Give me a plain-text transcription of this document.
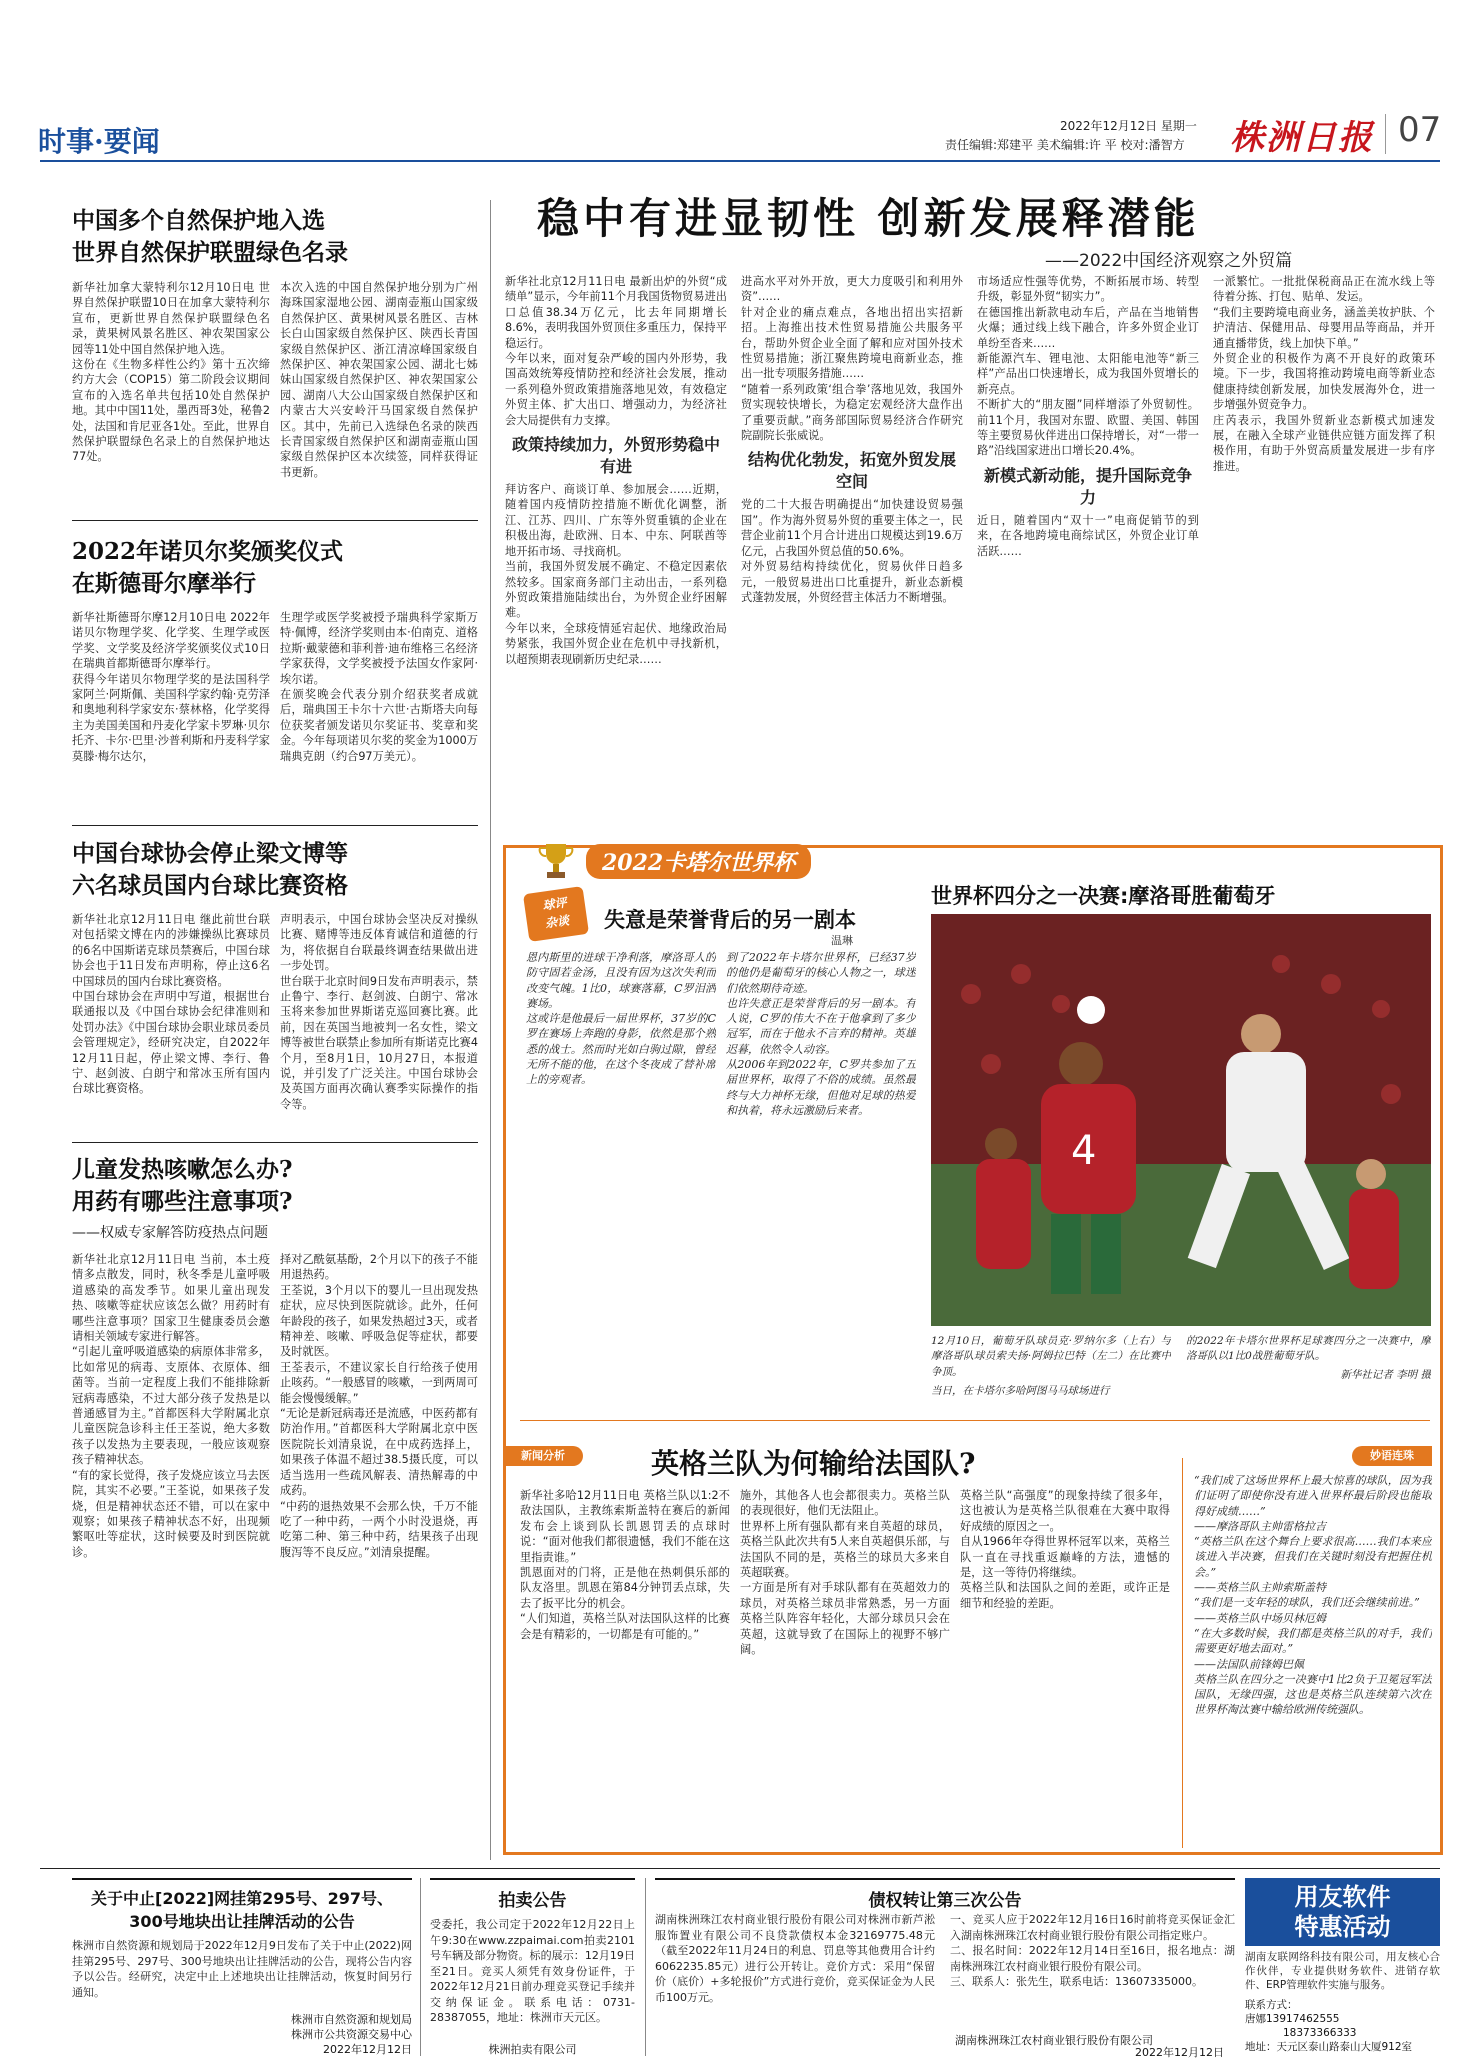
时事·要闻	2022年12月12日 星期一
责任编辑:郑建平 美术编辑:许 平 校对:潘智方 株洲日报 07
中国多个自然保护地入选
世界自然保护联盟绿色名录
新华社加拿大蒙特利尔12月10日电 世界自然保护联盟10日在加拿大蒙特利尔宣布，更新世界自然保护联盟绿色名录，黄果树风景名胜区、神农架国家公园等11处中国自然保护地入选。
这份在《生物多样性公约》第十五次缔约方大会（COP15）第二阶段会议期间宣布的入选名单共包括10处自然保护地。其中中国11处，墨西哥3处，秘鲁2处，法国和肯尼亚各1处。至此，世界自然保护联盟绿色名录上的自然保护地达77处。
本次入选的中国自然保护地分别为广州海珠国家湿地公园、湖南壶瓶山国家级自然保护区、黄果树风景名胜区、吉林长白山国家级自然保护区、陕西长青国家级自然保护区、浙江清凉峰国家级自然保护区、神农架国家公园、湖北七姊妹山国家级自然保护区、神农架国家公园、湖南八大公山国家级自然保护区和内蒙古大兴安岭汗马国家级自然保护区。其中，先前已入选绿色名录的陕西长青国家级自然保护区和湖南壶瓶山国家级自然保护区本次续签，同样获得证书更新。
2022年诺贝尔奖颁奖仪式
在斯德哥尔摩举行
新华社斯德哥尔摩12月10日电 2022年诺贝尔物理学奖、化学奖、生理学或医学奖、文学奖及经济学奖颁奖仪式10日在瑞典首都斯德哥尔摩举行。
获得今年诺贝尔物理学奖的是法国科学家阿兰·阿斯佩、美国科学家约翰·克劳泽和奥地利科学家安东·蔡林格，化学奖得主为美国美国和丹麦化学家卡罗琳·贝尔托齐、卡尔·巴里·沙普利斯和丹麦科学家莫滕·梅尔达尔，
生理学或医学奖被授予瑞典科学家斯万特·佩博，经济学奖则由本·伯南克、道格拉斯·戴蒙德和菲利普·迪布维格三名经济学家获得，文学奖被授予法国女作家阿·埃尔诺。
在颁奖晚会代表分别介绍获奖者成就后，瑞典国王卡尔十六世·古斯塔夫向每位获奖者颁发诺贝尔奖证书、奖章和奖金。今年每项诺贝尔奖的奖金为1000万瑞典克朗（约合97万美元）。
中国台球协会停止梁文博等
六名球员国内台球比赛资格
新华社北京12月11日电 继此前世台联对包括梁文博在内的涉嫌操纵比赛球员的6名中国斯诺克球员禁赛后，中国台球协会也于11日发布声明称，停止这6名中国球员的国内台球比赛资格。
中国台球协会在声明中写道，根据世台联通报以及《中国台球协会纪律准则和处罚办法》《中国台球协会职业球员委员会管理规定》，经研究决定，自2022年12月11日起，停止梁文博、李行、鲁宁、赵剑波、白朗宁和常冰玉所有国内台球比赛资格。
声明表示，中国台球协会坚决反对操纵比赛、赌博等违反体育诚信和道德的行为，将依据自台联最终调查结果做出进一步处罚。
世台联于北京时间9日发布声明表示，禁止鲁宁、李行、赵剑波、白朗宁、常冰玉将来参加世界斯诺克巡回赛比赛。此前，因在英国当地被判一名女性，梁文博等被世台联禁止参加所有斯诺克比赛4个月，至8月1日，10月27日，本报道说，并引发了广泛关注。中国台球协会及英国方面再次确认赛季实际操作的指令等。
儿童发热咳嗽怎么办?
用药有哪些注意事项?
——权威专家解答防疫热点问题
新华社北京12月11日电 当前，本土疫情多点散发，同时，秋冬季是儿童呼吸道感染的高发季节。如果儿童出现发热、咳嗽等症状应该怎么做？用药时有哪些注意事项？国家卫生健康委员会邀请相关领域专家进行解答。
“引起儿童呼吸道感染的病原体非常多，比如常见的病毒、支原体、衣原体、细菌等。当前一定程度上我们不能排除新冠病毒感染，不过大部分孩子发热是以普通感冒为主。”首都医科大学附属北京儿童医院急诊科主任王荃说，绝大多数孩子以发热为主要表现，一般应该观察孩子精神状态。
“有的家长觉得，孩子发烧应该立马去医院，其实不必要。”王荃说，如果孩子发烧，但是精神状态还不错，可以在家中观察；如果孩子精神状态不好，出现频繁呕吐等症状，这时候要及时到医院就诊。
择对乙酰氨基酚，2个月以下的孩子不能用退热药。
王荃说，3个月以下的婴儿一旦出现发热症状，应尽快到医院就诊。此外，任何年龄段的孩子，如果发热超过3天，或者精神差、咳嗽、呼吸急促等症状，都要及时就医。
王荃表示，不建议家长自行给孩子使用止咳药。“一般感冒的咳嗽，一到两周可能会慢慢缓解。”
“无论是新冠病毒还是流感，中医药都有防治作用。”首都医科大学附属北京中医医院院长刘清泉说，在中成药选择上，如果孩子体温不超过38.5摄氏度，可以适当选用一些疏风解表、清热解毒的中成药。
“中药的退热效果不会那么快，千万不能吃了一种中药，一两个小时没退烧，再吃第二种、第三种中药，结果孩子出现腹泻等不良反应。”刘清泉提醒。
稳中有进显韧性 创新发展释潜能
——2022中国经济观察之外贸篇
新华社北京12月11日电 最新出炉的外贸“成绩单”显示，今年前11个月我国货物贸易进出口总值38.34万亿元，比去年同期增长8.6%，表明我国外贸顶住多重压力，保持平稳运行。
今年以来，面对复杂严峻的国内外形势，我国高效统筹疫情防控和经济社会发展，推动一系列稳外贸政策措施落地见效，有效稳定外贸主体、扩大出口、增强动力，为经济社会大局提供有力支撑。
政策持续加力，外贸形势稳中有进
拜访客户、商谈订单、参加展会……近期，随着国内疫情防控措施不断优化调整，浙江、江苏、四川、广东等外贸重镇的企业在积极出海，赴欧洲、日本、中东、阿联酋等地开拓市场、寻找商机。
当前，我国外贸发展不确定、不稳定因素依然较多。国家商务部门主动出击，一系列稳外贸政策措施陆续出台，为外贸企业纾困解难。
今年以来，全球疫情延宕起伏、地缘政治局势紧张，我国外贸企业在危机中寻找新机，以超预期表现刷新历史纪录……
进高水平对外开放，更大力度吸引和利用外资”……
针对企业的痛点难点，各地出招出实招新招。上海推出技术性贸易措施公共服务平台，帮助外贸企业全面了解和应对国外技术性贸易措施；浙江聚焦跨境电商新业态，推出一批专项服务措施……
“随着一系列政策‘组合拳’落地见效，我国外贸实现较快增长，为稳定宏观经济大盘作出了重要贡献。”商务部国际贸易经济合作研究院副院长张威说。
结构优化勃发，拓宽外贸发展空间
党的二十大报告明确提出“加快建设贸易强国”。作为海外贸易外贸的重要主体之一，民营企业前11个月合计进出口规模达到19.6万亿元，占我国外贸总值的50.6%。
对外贸易结构持续优化，贸易伙伴日趋多元，一般贸易进出口比重提升，新业态新模式蓬勃发展，外贸经营主体活力不断增强。
市场适应性强等优势，不断拓展市场、转型升级，彰显外贸“韧实力”。
在德国推出新款电动车后，产品在当地销售火爆；通过线上线下融合，许多外贸企业订单纷至沓来……
新能源汽车、锂电池、太阳能电池等“新三样”产品出口快速增长，成为我国外贸增长的新亮点。
不断扩大的“朋友圈”同样增添了外贸韧性。前11个月，我国对东盟、欧盟、美国、韩国等主要贸易伙伴进出口保持增长，对“一带一路”沿线国家进出口增长20.4%。
新模式新动能，提升国际竞争力
近日，随着国内“双十一”电商促销节的到来，在各地跨境电商综试区，外贸企业订单活跃……
一派繁忙。一批批保税商品正在流水线上等待着分拣、打包、贴单、发运。
“我们主要跨境电商业务，涵盖美妆护肤、个护清洁、保健用品、母婴用品等商品，并开通直播带货，线上加快下单。”
外贸企业的积极作为离不开良好的政策环境。下一步，我国将推动跨境电商等新业态健康持续创新发展，加快发展海外仓，进一步增强外贸竞争力。
庄芮表示，我国外贸新业态新模式加速发展，在融入全球产业链供应链方面发挥了积极作用，有助于外贸高质量发展进一步有序推进。
2022卡塔尔世界杯
球评
杂谈	失意是荣誉背后的另一剧本
温琳
恩内斯里的进球干净利落，摩洛哥人的防守固若金汤，且没有因为这次失利而改变气魄。1比0，球赛落幕，C罗泪洒赛场。
这或许是他最后一届世界杯，37岁的C罗在赛场上奔跑的身影，依然是那个熟悉的战士。然而时光如白驹过隙，曾经无所不能的他，在这个冬夜成了替补席上的旁观者。
到了2022年卡塔尔世界杯，已经37岁的他仍是葡萄牙的核心人物之一，球迷们依然期待奇迹。
也许失意正是荣誉背后的另一剧本。有人说，C罗的伟大不在于他拿到了多少冠军，而在于他永不言弃的精神。英雄迟暮，依然令人动容。
从2006年到2022年，C罗共参加了五届世界杯，取得了不俗的成绩。虽然最终与大力神杯无缘，但他对足球的热爱和执着，将永远激励后来者。
世界杯四分之一决赛:摩洛哥胜葡萄牙
4
12月10日，葡萄牙队球员克·罗纳尔多（上右）与摩洛哥队球员索夫扬·阿姆拉巴特（左二）在比赛中争顶。
当日，在卡塔尔多哈阿图马马球场进行
的2022年卡塔尔世界杯足球赛四分之一决赛中，摩洛哥队以1比0战胜葡萄牙队。
新华社记者 李明 摄
新闻分析	英格兰队为何输给法国队?
新华社多哈12月11日电 英格兰队以1:2不敌法国队，主教练索斯盖特在赛后的新闻发布会上谈到队长凯恩罚丢的点球时说：“面对他我们都很遗憾，我们不能在这里指责谁。”
凯恩面对的门将，正是他在热刺俱乐部的队友洛里。凯恩在第84分钟罚丢点球，失去了扳平比分的机会。
“人们知道，英格兰队对法国队这样的比赛会是有精彩的，一切都是有可能的。”
施外，其他各人也会都很卖力。英格兰队的表现很好，他们无法阻止。
世界杯上所有强队都有来自英超的球员，英格兰队此次共有5人来自英超俱乐部，与法国队不同的是，英格兰的球员大多来自英超联赛。
一方面是所有对手球队都有在英超效力的球员，对英格兰球员非常熟悉，另一方面英格兰队阵容年轻化，大部分球员只会在英超，这就导致了在国际上的视野不够广阔。
英格兰队“高强度”的现象持续了很多年，这也被认为是英格兰队很难在大赛中取得好成绩的原因之一。
自从1966年夺得世界杯冠军以来，英格兰队一直在寻找重返巅峰的方法，遗憾的是，这一等待仍将继续。
英格兰队和法国队之间的差距，或许正是细节和经验的差距。
妙语连珠
“我们成了这场世界杯上最大惊喜的球队，因为我们证明了即使你没有进入世界杯最后阶段也能取得好成绩……”
——摩洛哥队主帅雷格拉吉
“英格兰队在这个舞台上要求很高……我们本来应该进入半决赛，但我们在关键时刻没有把握住机会。”
——英格兰队主帅索斯盖特
“我们是一支年轻的球队，我们还会继续前进。”
——英格兰队中场贝林厄姆
“在大多数时候，我们都是英格兰队的对手，我们需要更好地去面对。”
——法国队前锋姆巴佩
英格兰队在四分之一决赛中1比2负于卫冕冠军法国队，无缘四强，这也是英格兰队连续第六次在世界杯淘汰赛中输给欧洲传统强队。
关于中止[2022]网挂第295号、297号、
300号地块出让挂牌活动的公告
株洲市自然资源和规划局于2022年12月9日发布了关于中止(2022)网挂第295号、297号、300号地块出让挂牌活动的公告，现将公告内容予以公告。经研究，决定中止上述地块出让挂牌活动，恢复时间另行通知。
株洲市自然资源和规划局
株洲市公共资源交易中心
2022年12月12日
拍卖公告
受委托，我公司定于2022年12月22日上午9:30在www.zzpaimai.com拍卖2101号车辆及部分物资。标的展示：12月19日至21日。竞买人须凭有效身份证件，于2022年12月21日前办理竞买登记手续并交纳保证金。联系电话：0731-28387055，地址：株洲市天元区。
株洲拍卖有限公司
债权转让第三次公告
湖南株洲珠江农村商业银行股份有限公司对株洲市新芦淞服饰置业有限公司不良贷款债权本金32169775.48元（截至2022年11月24日的利息、罚息等其他费用合计约6062235.85元）进行公开转让。竞价方式：采用“保留价（底价）+多轮报价”方式进行竞价，竞买保证金为人民币100万元。
一、竞买人应于2022年12月16日16时前将竞买保证金汇入湖南株洲珠江农村商业银行股份有限公司指定账户。
二、报名时间：2022年12月14日至16日，报名地点：湖南株洲珠江农村商业银行股份有限公司。
三、联系人：张先生，联系电话：13607335000。
湖南株洲珠江农村商业银行股份有限公司
2022年12月12日
用友软件
特惠活动
湖南友联网络科技有限公司，用友核心合作伙伴，专业提供财务软件、进销存软件、ERP管理软件实施与服务。
联系方式：
唐娜13917462555
18373366333
地址：天元区泰山路泰山大厦912室
